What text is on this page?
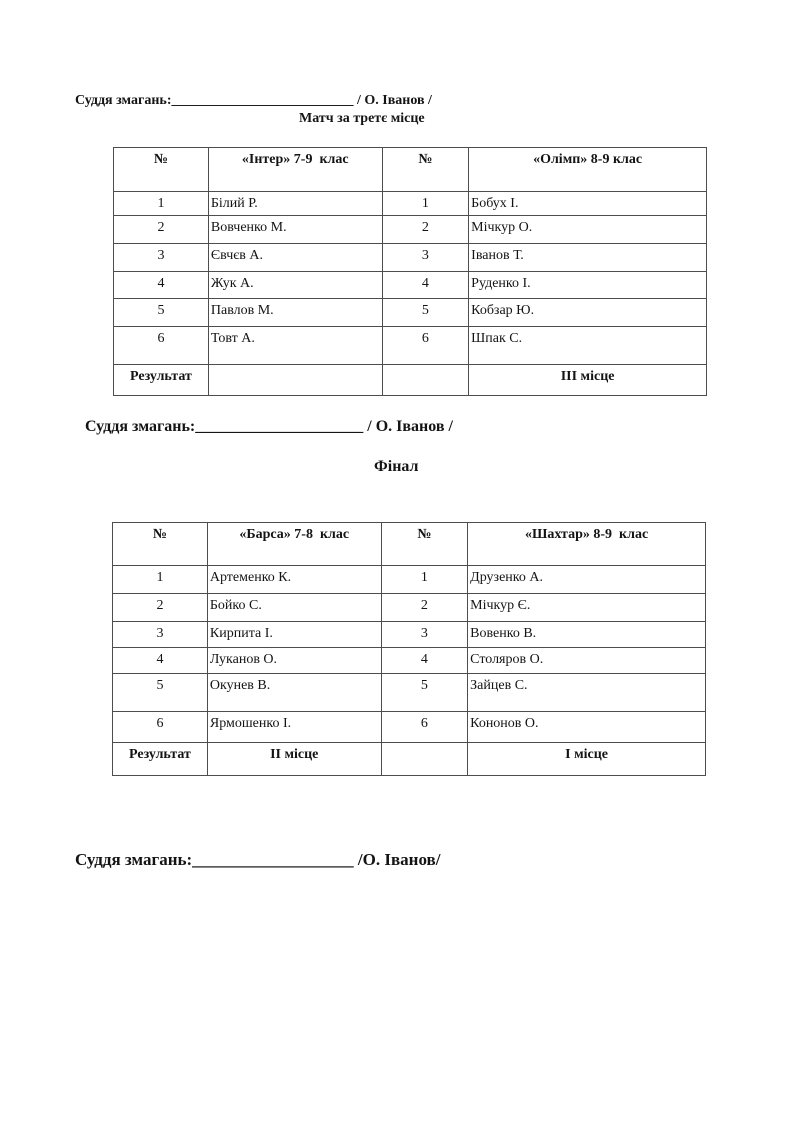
Суддя змагань:__________________________ / О. Іванов /
Матч за третє місце
№	«Інтер» 7-9  клас	№	«Олімп» 8-9 клас
1	Білий Р.	1	Бобух І.
2	Вовченко М.	2	Мічкур О.
3	Євчєв А.	3	Іванов Т.
4	Жук А.	4	Руденко І.
5	Павлов М.	5	Кобзар Ю.
6	Товт А.	6	Шпак С.
Результат			ІІІ місце
Суддя змагань:_____________________ / О. Іванов /
Фінал
№	«Барса» 7-8  клас	№	«Шахтар» 8-9  клас
1	Артеменко К.	1	Друзенко А.
2	Бойко С.	2	Мічкур Є.
3	Кирпита І.	3	Вовенко В.
4	Луканов О.	4	Столяров О.
5	Окунев В.	5	Зайцев С.
6	Ярмошенко І.	6	Кононов О.
Результат	ІІ місце		І місце
Суддя змагань:___________________ /О. Іванов/
